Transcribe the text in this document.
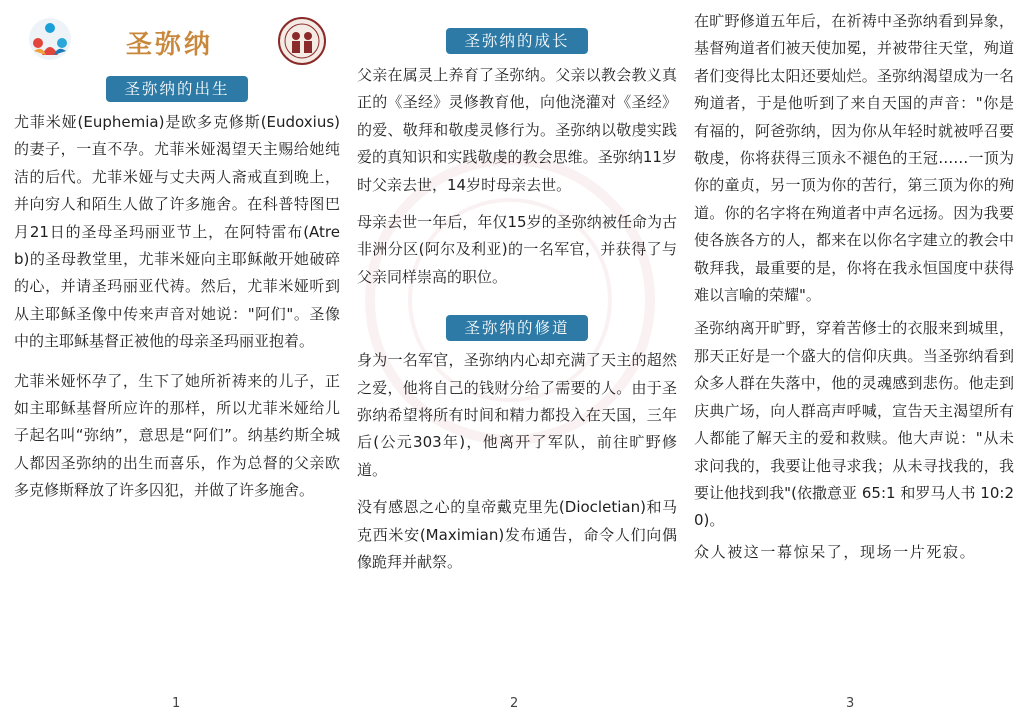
圣弥纳
圣弥纳的出生

尤菲米娅(Euphemia)是欧多克修斯(Eudoxius)的妻子，一直不孕。尤菲米娅渴望天主赐给她纯洁的后代。尤菲米娅与丈夫两人斋戒直到晚上，并向穷人和陌生人做了许多施舍。在科普特图巴月21日的圣母圣玛丽亚节上，在阿特雷布(Atreb)的圣母教堂里，尤菲米娅向主耶稣敞开她破碎的心，并请圣玛丽亚代祷。然后，尤菲米娅听到从主耶稣圣像中传来声音对她说："阿们"。圣像中的主耶稣基督正被他的母亲圣玛丽亚抱着。

尤菲米娅怀孕了，生下了她所祈祷来的儿子，正如主耶稣基督所应许的那样，所以尤菲米娅给儿子起名叫“弥纳”，意思是“阿们”。纳基约斯全城人都因圣弥纳的出生而喜乐，作为总督的父亲欧多克修斯释放了许多囚犯，并做了许多施舍。

圣弥纳的成长

父亲在属灵上养育了圣弥纳。父亲以教会教义真正的《圣经》灵修教育他，向他浇灌对《圣经》的爱、敬拜和敬虔灵修行为。圣弥纳以敬虔实践爱的真知识和实践敬虔的教会思维。圣弥纳11岁时父亲去世，14岁时母亲去世。

母亲去世一年后，年仅15岁的圣弥纳被任命为古非洲分区(阿尔及利亚)的一名军官，并获得了与父亲同样崇高的职位。

圣弥纳的修道

身为一名军官，圣弥纳内心却充满了天主的超然之爱，他将自己的钱财分给了需要的人。由于圣弥纳希望将所有时间和精力都投入在天国，三年后(公元303年)，他离开了军队，前往旷野修道。

没有感恩之心的皇帝戴克里先(Diocletian)和马克西米安(Maximian)发布通告，命令人们向偶像跪拜并献祭。

在旷野修道五年后，在祈祷中圣弥纳看到异象，基督殉道者们被天使加冕，并被带往天堂，殉道者们变得比太阳还要灿烂。圣弥纳渴望成为一名殉道者，于是他听到了来自天国的声音："你是有福的，阿爸弥纳，因为你从年轻时就被呼召要敬虔，你将获得三顶永不褪色的王冠……一顶为你的童贞，另一顶为你的苦行，第三顶为你的殉道。你的名字将在殉道者中声名远扬。因为我要使各族各方的人，都来在以你名字建立的教会中敬拜我，最重要的是，你将在我永恒国度中获得难以言喻的荣耀"。

圣弥纳离开旷野，穿着苦修士的衣服来到城里，那天正好是一个盛大的信仰庆典。当圣弥纳看到众多人群在失落中，他的灵魂感到悲伤。他走到庆典广场，向人群高声呼喊，宣告天主渴望所有人都能了解天主的爱和救赎。他大声说："从未求问我的，我要让他寻求我；从未寻找我的，我要让他找到我"(依撒意亚 65:1 和罗马人书 10:20)。

众人被这一幕惊呆了，现场一片死寂。

1	2	3
